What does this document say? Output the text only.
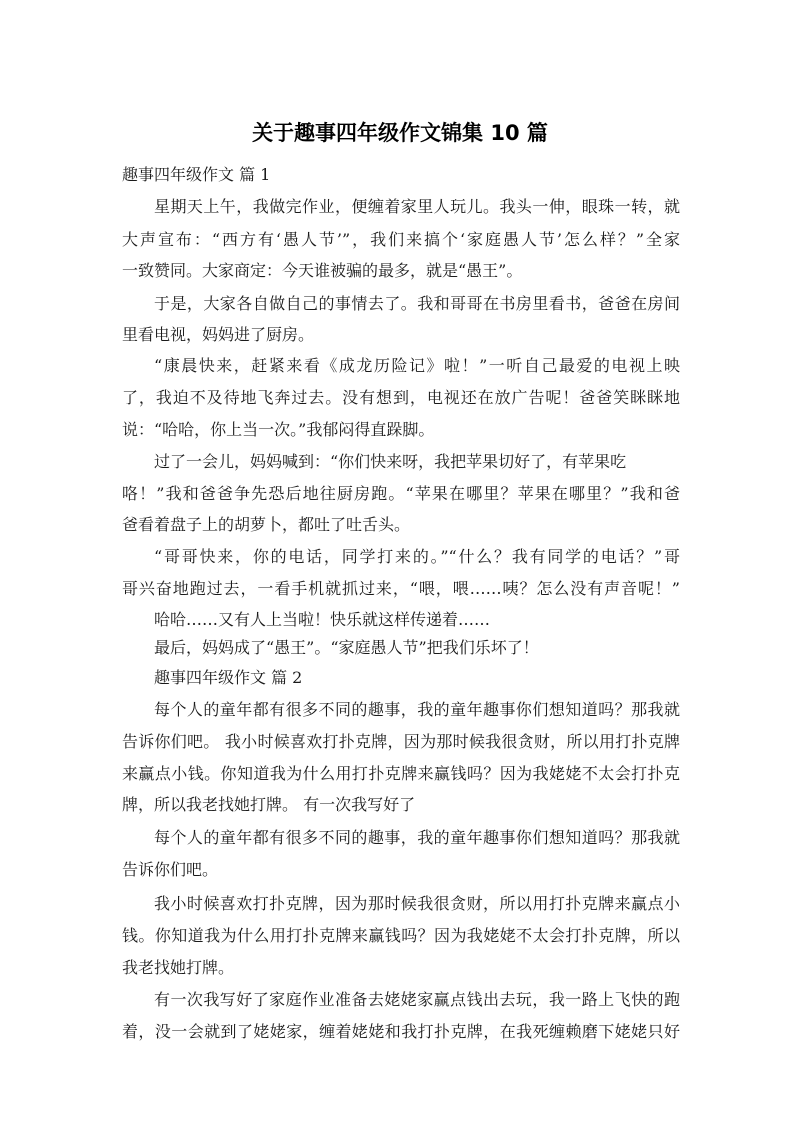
关于趣事四年级作文锦集 10 篇
趣事四年级作文 篇 1
星期天上午，我做完作业，便缠着家里人玩儿。我头一伸，眼珠一转，就
大声宣布：“西方有‘愚人节’”，我们来搞个‘家庭愚人节’怎么样？”全家
一致赞同。大家商定：今天谁被骗的最多，就是“愚王”。
于是，大家各自做自己的事情去了。我和哥哥在书房里看书，爸爸在房间
里看电视，妈妈进了厨房。
“康晨快来，赶紧来看《成龙历险记》啦！”一听自己最爱的电视上映
了，我迫不及待地飞奔过去。没有想到，电视还在放广告呢！爸爸笑眯眯地
说：“哈哈，你上当一次。”我郁闷得直跺脚。
过了一会儿，妈妈喊到：“你们快来呀，我把苹果切好了，有苹果吃
咯！”我和爸爸争先恐后地往厨房跑。“苹果在哪里？苹果在哪里？”我和爸
爸看着盘子上的胡萝卜，都吐了吐舌头。
“哥哥快来，你的电话，同学打来的。”“什么？我有同学的电话？”哥
哥兴奋地跑过去，一看手机就抓过来，“喂，喂……咦？怎么没有声音呢！”
哈哈……又有人上当啦！快乐就这样传递着……
最后，妈妈成了“愚王”。“家庭愚人节”把我们乐坏了！
趣事四年级作文 篇 2
每个人的童年都有很多不同的趣事，我的童年趣事你们想知道吗？那我就
告诉你们吧。 我小时候喜欢打扑克牌，因为那时候我很贪财，所以用打扑克牌
来赢点小钱。你知道我为什么用打扑克牌来赢钱吗？因为我姥姥不太会打扑克
牌，所以我老找她打牌。 有一次我写好了
每个人的童年都有很多不同的趣事，我的童年趣事你们想知道吗？那我就
告诉你们吧。
我小时候喜欢打扑克牌，因为那时候我很贪财，所以用打扑克牌来赢点小
钱。你知道我为什么用打扑克牌来赢钱吗？因为我姥姥不太会打扑克牌，所以
我老找她打牌。
有一次我写好了家庭作业准备去姥姥家赢点钱出去玩，我一路上飞快的跑
着，没一会就到了姥姥家，缠着姥姥和我打扑克牌，在我死缠赖磨下姥姥只好
